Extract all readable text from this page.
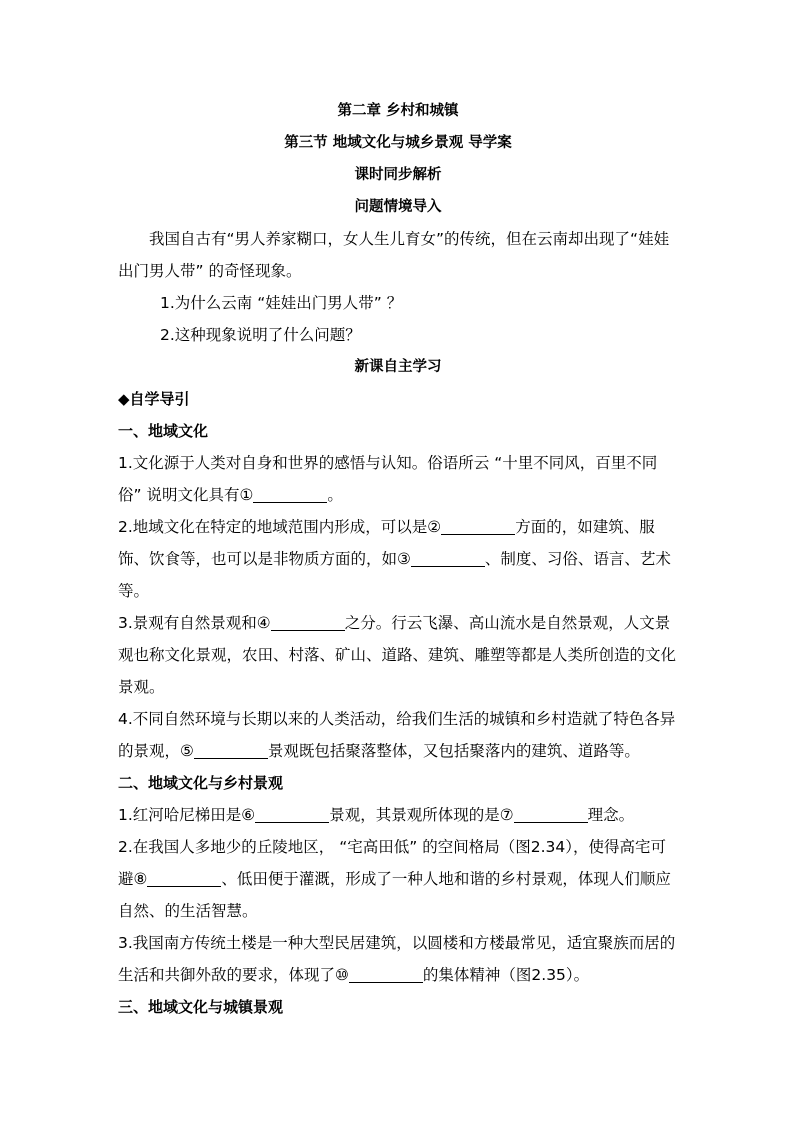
第二章 乡村和城镇
第三节 地域文化与城乡景观 导学案
课时同步解析
问题情境导入

我国自古有“男人养家糊口，女人生儿育女”的传统，但在云南却出现了“娃娃出门男人带” 的奇怪现象。

1.为什么云南 “娃娃出门男人带” ？

2.这种现象说明了什么问题？

新课自主学习

◆自学导引

一、地域文化

1.文化源于人类对自身和世界的感悟与认知。俗语所云 “十里不同风，百里不同俗” 说明文化具有①	。

2.地域文化在特定的地域范围内形成，可以是②	方面的，如建筑、服饰、饮食等，也可以是非物质方面的，如③	、制度、习俗、语言、艺术等。

3.景观有自然景观和④	之分。行云飞瀑、高山流水是自然景观，人文景观也称文化景观，农田、村落、矿山、道路、建筑、雕塑等都是人类所创造的文化景观。

4.不同自然环境与长期以来的人类活动，给我们生活的城镇和乡村造就了特色各异的景观，⑤	景观既包括聚落整体，又包括聚落内的建筑、道路等。

二、地域文化与乡村景观

1.红河哈尼梯田是⑥	景观，其景观所体现的是⑦	理念。

2.在我国人多地少的丘陵地区， “宅高田低” 的空间格局（图2.34），使得高宅可避⑧	、低田便于灌溉，形成了一种人地和谐的乡村景观，体现人们顺应自然、的生活智慧。

3.我国南方传统土楼是一种大型民居建筑，以圆楼和方楼最常见，适宜聚族而居的生活和共御外敌的要求，体现了⑩	的集体精神（图2.35）。

三、地域文化与城镇景观
